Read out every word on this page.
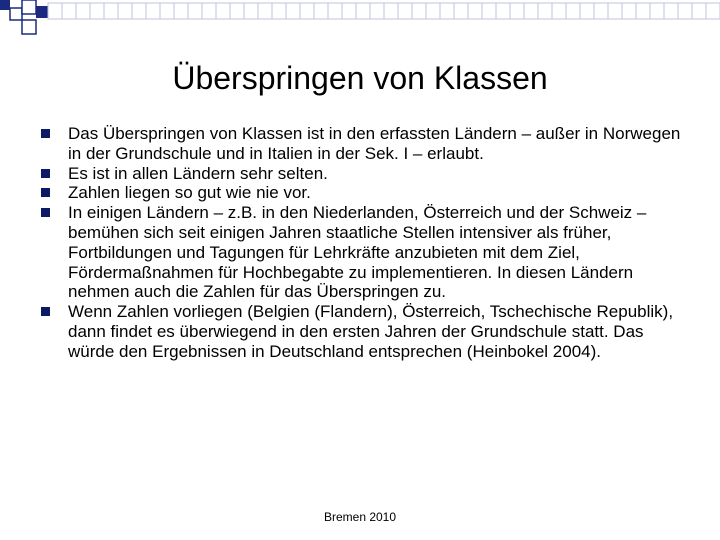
Überspringen von Klassen
Das Überspringen von Klassen ist in den erfassten Ländern – außer in Norwegen in der Grundschule und in Italien in der Sek. I – erlaubt.
Es ist in allen Ländern sehr selten.
Zahlen liegen so gut wie nie vor.
In einigen Ländern – z.B. in den Niederlanden, Österreich und der Schweiz – bemühen sich seit einigen Jahren staatliche Stellen intensiver als früher, Fortbildungen und Tagungen für Lehrkräfte anzubieten mit dem Ziel, Fördermaßnahmen für Hochbegabte zu implementieren. In diesen Ländern nehmen auch die Zahlen für das Überspringen zu.
Wenn Zahlen vorliegen (Belgien (Flandern), Österreich, Tschechische Republik), dann findet es überwiegend in den ersten Jahren der Grundschule statt. Das würde den Ergebnissen in Deutschland entsprechen (Heinbokel 2004).
Bremen 2010
